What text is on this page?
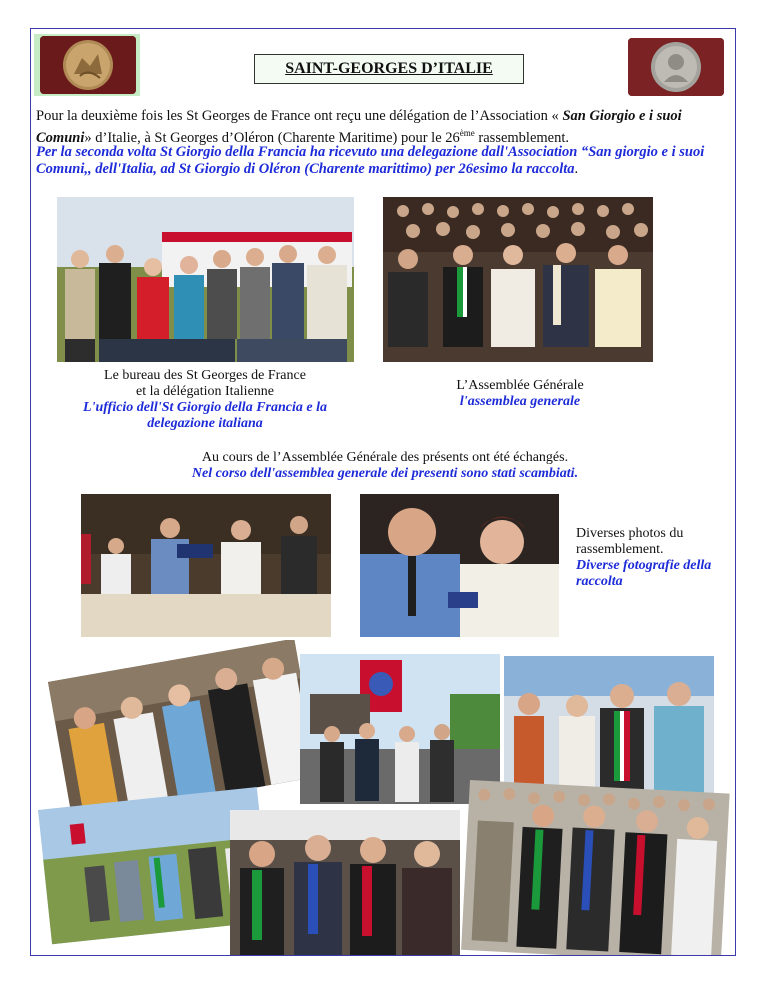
SAINT-GEORGES D’ITALIE
Pour la deuxième fois les St Georges de France ont reçu une délégation de l’Association « San Giorgio e i suoi Comuni» d’Italie, à St Georges d’Oléron (Charente Maritime) pour le 26ème rassemblement.
Per la seconda volta St Giorgio della Francia ha ricevuto una delegazione dall'Association “San giorgio e i suoi Comuni,, dell'Italia, ad St Giorgio di Oléron (Charente marittimo) per 26esimo la raccolta.
Le bureau des St Georges de France
et la délégation Italienne
L'ufficio dell'St Giorgio della Francia e la delegazione italiana
L’Assemblée Générale
l'assemblea generale
Au cours de l’Assemblée Générale des présents ont été échangés.
Nel corso dell'assemblea generale dei presenti sono stati scambiati.
Diverses photos du rassemblement.
Diverse fotografie della raccolta
